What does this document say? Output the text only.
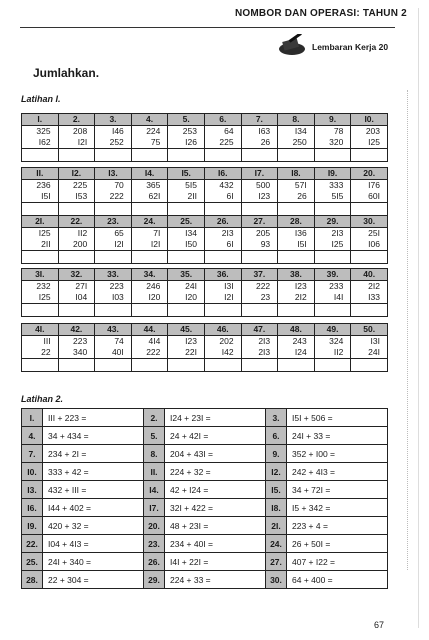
NOMBOR DAN OPERASI: TAHUN 2
Lembaran Kerja 20
Jumlahkan.
Latihan I.
I.	2.	3.	4.	5.	6.	7.	8.	9.	I0.
325	208	I46	224	253	64	I63	I34	78	203
I62	I2I	252	75	I26	225	26	250	320	I25

II.	I2.	I3.	I4.	I5.	I6.	I7.	I8.	I9.	20.
236	225	70	365	5I5	432	500	57I	333	I76
I5I	I53	222	62I	2II	6I	I23	26	5I5	60I

2I.	22.	23.	24.	25.	26.	27.	28.	29.	30.
I25	II2	65	7I	I34	2I3	205	I36	2I3	25I
2II	200	I2I	I2I	I50	6I	93	I5I	I25	I06

3I.	32.	33.	34.	35.	36.	37.	38.	39.	40.
232	27I	223	246	24I	I3I	222	I23	233	2I2
I25	I04	I03	I20	I20	I2I	23	2I2	I4I	I33

4I.	42.	43.	44.	45.	46.	47.	48.	49.	50.
III	223	74	4I4	I23	202	2I3	243	324	I3I
22	340	40I	222	22I	I42	2I3	I24	II2	24I

Latihan 2.
I.	III + 223 =	2.	I24 + 23I =	3.	I5I + 506 =
4.	34 + 434 =	5.	24 + 42I =	6.	24I + 33 =
7.	234 + 2I =	8.	204 + 43I =	9.	352 + I00 =
I0.	333 + 42 =	II.	224 + 32 =	I2.	242 + 4I3 =
I3.	432 + III =	I4.	42 + I24 =	I5.	34 + 72I =
I6.	I44 + 402 =	I7.	32I + 422 =	I8.	I5 + 342 =
I9.	420 + 32 =	20.	48 + 23I =	2I.	223 + 4 =
22.	I04 + 4I3 =	23.	234 + 40I =	24.	26 + 50I =
25.	24I + 340 =	26.	I4I + 22I =	27.	407 + I22 =
28.	22 + 304 =	29.	224 + 33 =	30.	64 + 400 =
67
